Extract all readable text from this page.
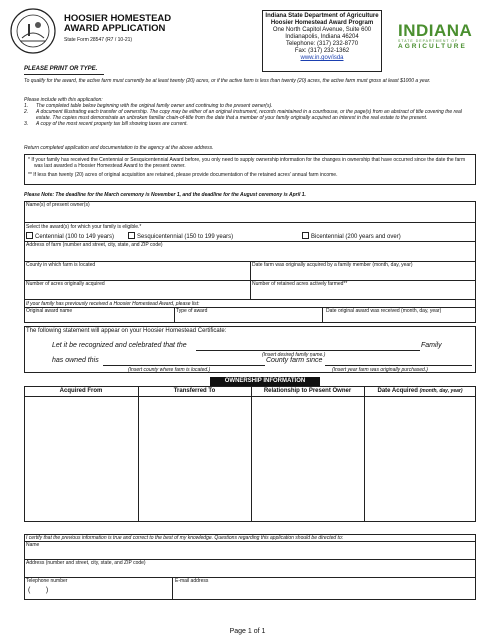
HOOSIER HOMESTEAD
AWARD APPLICATION
State Form 28547 (R7 / 10-21)
Indiana State Department of Agriculture
Hoosier Homestead Award Program
One North Capitol Avenue, Suite 600
Indianapolis, Indiana 46204
Telephone: (317) 232-8770
Fax: (317) 232-1362
www.in.gov/isda
INDIANA
STATE DEPARTMENT OF
AGRICULTURE
PLEASE PRINT OR TYPE.
To qualify for the award, the active farm must currently be at least twenty (20) acres, or if the active farm is less than twenty (20) acres, the active farm must gross at least $1000 a year.
Please include with this application:
1.	The completed table below beginning with the original family owner and continuing to the present owner(s).
2.	A document illustrating each transfer of ownership. The copy may be either of an original instrument, records maintained in a courthouse, or the page(s) from an abstract of title covering the real estate. The copies must demonstrate an unbroken familiar chain-of-title from the date that a member of your family originally acquired an interest in the real estate to the present.
3.	A copy of the most recent property tax bill showing taxes are current.
Return completed application and documentation to the agency at the above address.
* If your family has received the Centennial or Sesquicentennial Award before, you only need to supply ownership information for the changes in ownership that have occurred since the date the farm was last awarded a Hoosier Homestead Award to the present owner.
** If less than twenty (20) acres of original acquisition are retained, please provide documentation of the retained acres' annual farm income.
Please Note: The deadline for the March ceremony is November 1, and the deadline for the August ceremony is April 1.
Name(s) of present owner(s)
Select the award(s) for which your family is eligible.*
Centennial (100 to 149 years)	Sesquicentennial (150 to 199 years)	Bicentennial (200 years and over)
Address of farm (number and street, city, state, and ZIP code)
County in which farm is located	Date farm was originally acquired by a family member (month, day, year)
Number of acres originally acquired	Number of retained acres actively farmed**
If your family has previously received a Hoosier Homestead Award, please list:
Original award name	Type of award	Date original award was received (month, day, year)
The following statement will appear on your Hoosier Homestead Certificate:
Let it be recognized and celebrated that the	Family
(Insert desired family name.)
has owned this	County farm since
(Insert county where farm is located.)	(Insert year farm was originally purchased.)
OWNERSHIP INFORMATION
Acquired From	Transferred To	Relationship to Present Owner	Date Acquired (month, day, year)
I certify that the previous information is true and correct to the best of my knowledge. Questions regarding this application should be directed to:
Name
Address (number and street, city, state, and ZIP code)
Telephone number
(        )
E-mail address
Page 1 of 1
